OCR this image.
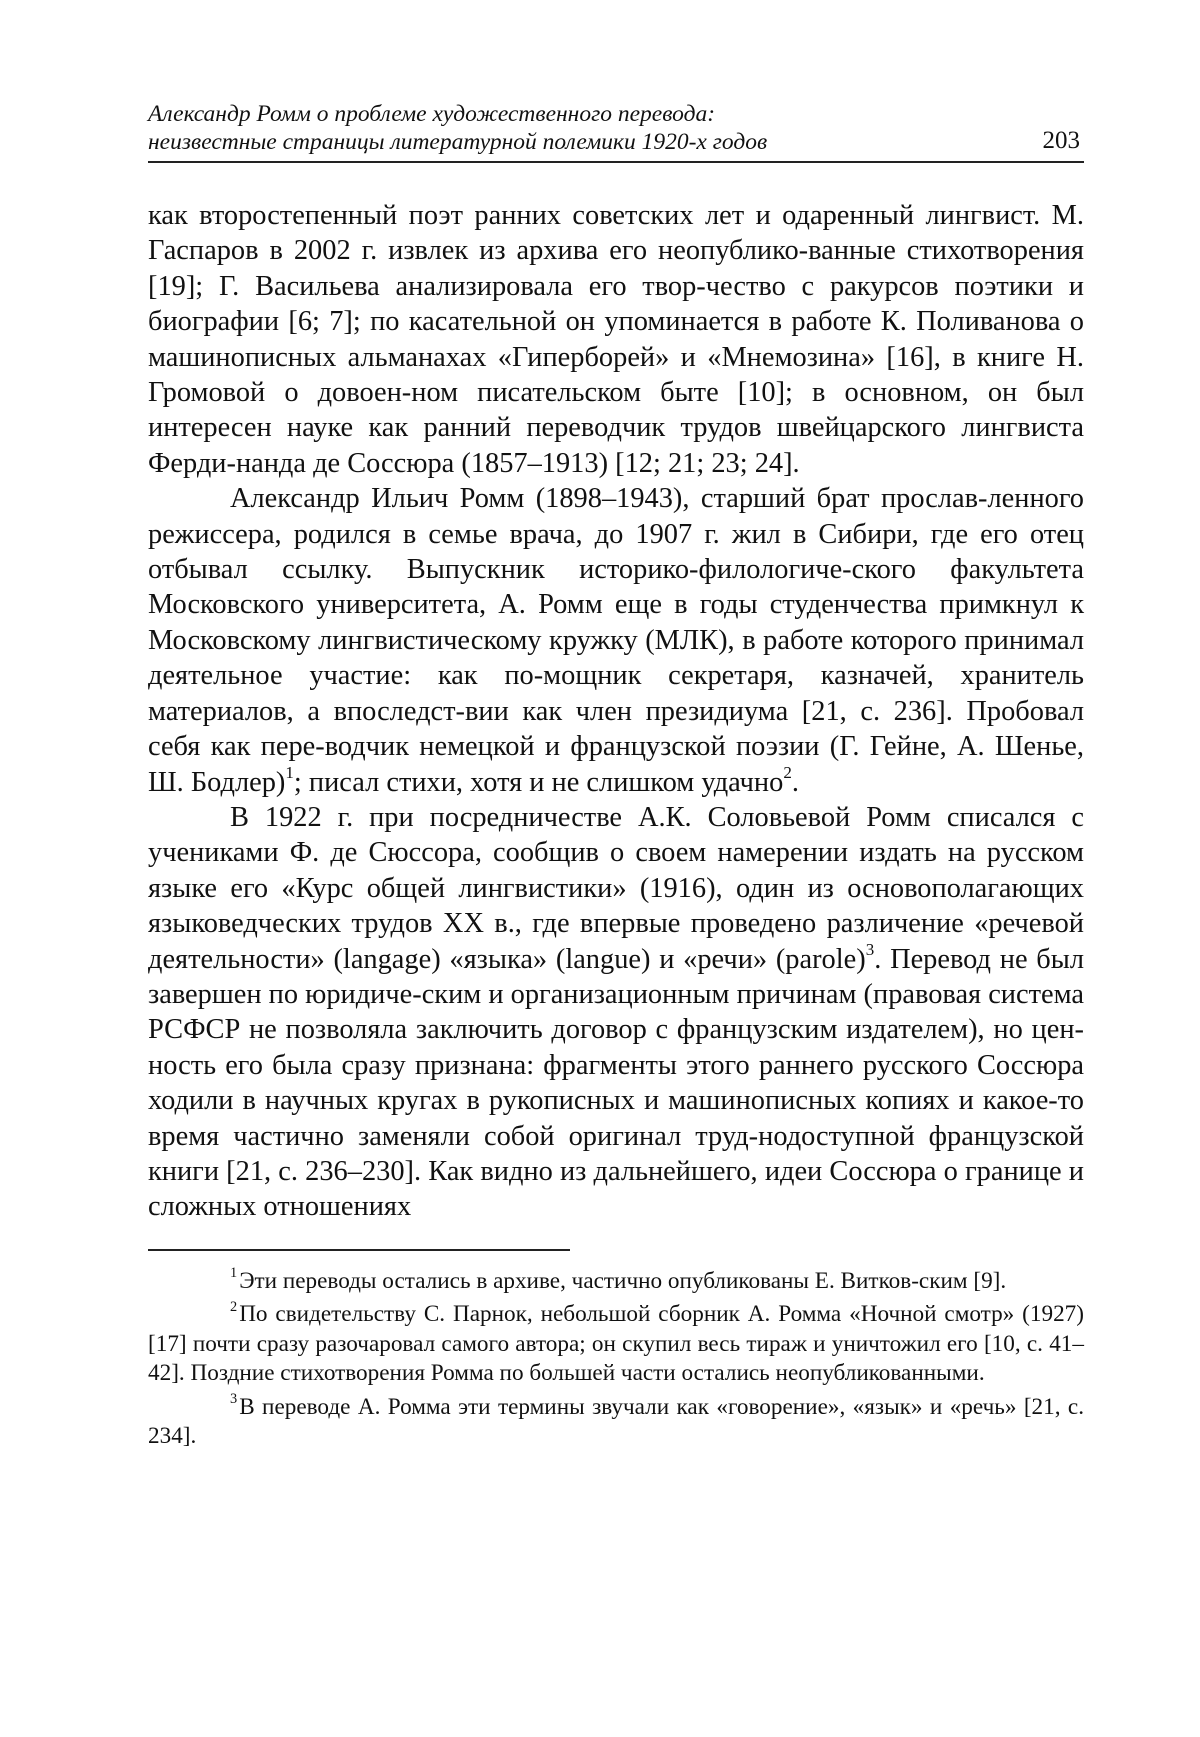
Александр Ромм о проблеме художественного перевода:
неизвестные страницы литературной полемики 1920-х годов	203

как второстепенный поэт ранних советских лет и одаренный лингвист. М. Гаспаров в 2002 г. извлек из архива его неопублико-ванные стихотворения [19]; Г. Васильева анализировала его твор-чество с ракурсов поэтики и биографии [6; 7]; по касательной он упоминается в работе К. Поливанова о машинописных альманахах «Гиперборей» и «Мнемозина» [16], в книге Н. Громовой о довоен-ном писательском быте [10]; в основном, он был интересен науке как ранний переводчик трудов швейцарского лингвиста Ферди-нанда де Соссюра (1857–1913) [12; 21; 23; 24].

Александр Ильич Ромм (1898–1943), старший брат прослав-ленного режиссера, родился в семье врача, до 1907 г. жил в Сибири, где его отец отбывал ссылку. Выпускник историко-филологиче-ского факультета Московского университета, А. Ромм еще в годы студенчества примкнул к Московскому лингвистическому кружку (МЛК), в работе которого принимал деятельное участие: как по-мощник секретаря, казначей, хранитель материалов, а впоследст-вии как член президиума [21, с. 236]. Пробовал себя как пере-водчик немецкой и французской поэзии (Г. Гейне, А. Шенье, Ш. Бодлер)$^1$; писал стихи, хотя и не слишком удачно$^2$.

В 1922 г. при посредничестве А.К. Соловьевой Ромм списался с учениками Ф. де Сюссора, сообщив о своем намерении издать на русском языке его «Курс общей лингвистики» (1916), один из основополагающих языковедческих трудов XX в., где впервые проведено различение «речевой деятельности» (langage) «языка» (langue) и «речи» (parole)$^3$. Перевод не был завершен по юридиче-ским и организационным причинам (правовая система РСФСР не позволяла заключить договор с французским издателем), но цен-ность его была сразу признана: фрагменты этого раннего русского Соссюра ходили в научных кругах в рукописных и машинописных копиях и какое-то время частично заменяли собой оригинал труд-нодоступной французской книги [21, с. 236–230]. Как видно из дальнейшего, идеи Соссюра о границе и сложных отношениях

$^1$Эти переводы остались в архиве, частично опубликованы Е. Витков-ским [9].

$^2$По свидетельству С. Парнок, небольшой сборник А. Ромма «Ночной смотр» (1927) [17] почти сразу разочаровал самого автора; он скупил весь тираж и уничтожил его [10, с. 41–42]. Поздние стихотворения Ромма по большей части остались неопубликованными.

$^3$В переводе А. Ромма эти термины звучали как «говорение», «язык» и «речь» [21, с. 234].
